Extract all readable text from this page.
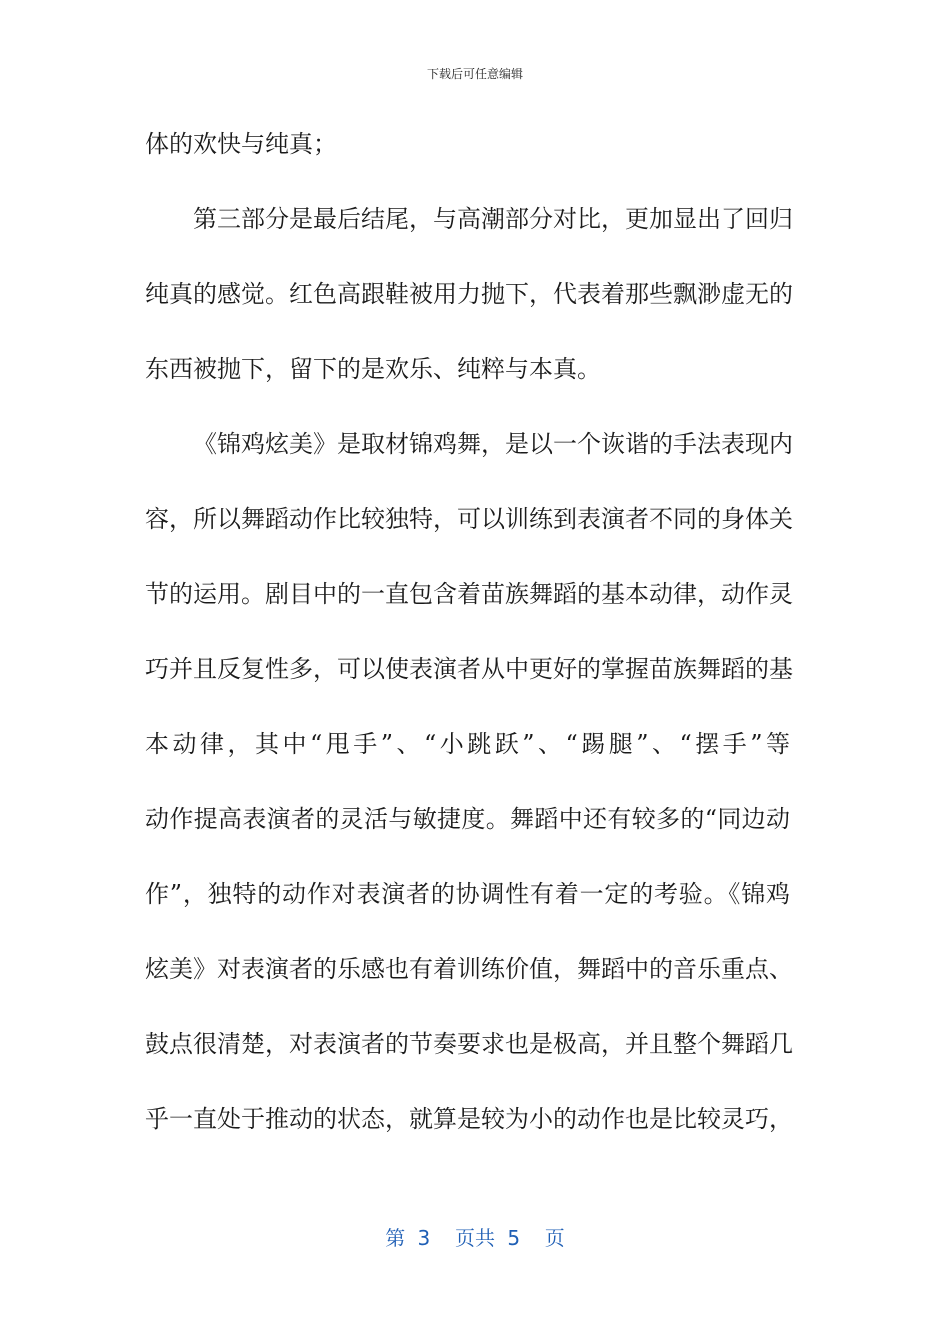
下载后可任意编辑
体的欢快与纯真；
第三部分是最后结尾，与高潮部分对比，更加显出了回归
纯真的感觉。红色高跟鞋被用力抛下，代表着那些飘渺虚无的
东西被抛下，留下的是欢乐、纯粹与本真。
《锦鸡炫美》是取材锦鸡舞，是以一个诙谐的手法表现内
容，所以舞蹈动作比较独特，可以训练到表演者不同的身体关
节的运用。剧目中的一直包含着苗族舞蹈的基本动律，动作灵
巧并且反复性多，可以使表演者从中更好的掌握苗族舞蹈的基
本动律，其中“甩手”、“小跳跃”、“踢腿”、“摆手”等
动作提高表演者的灵活与敏捷度。舞蹈中还有较多的“同边动
作”，独特的动作对表演者的协调性有着一定的考验。《锦鸡
炫美》对表演者的乐感也有着训练价值，舞蹈中的音乐重点、
鼓点很清楚，对表演者的节奏要求也是极高，并且整个舞蹈几
乎一直处于推动的状态，就算是较为小的动作也是比较灵巧，
第 3  页共 5  页
